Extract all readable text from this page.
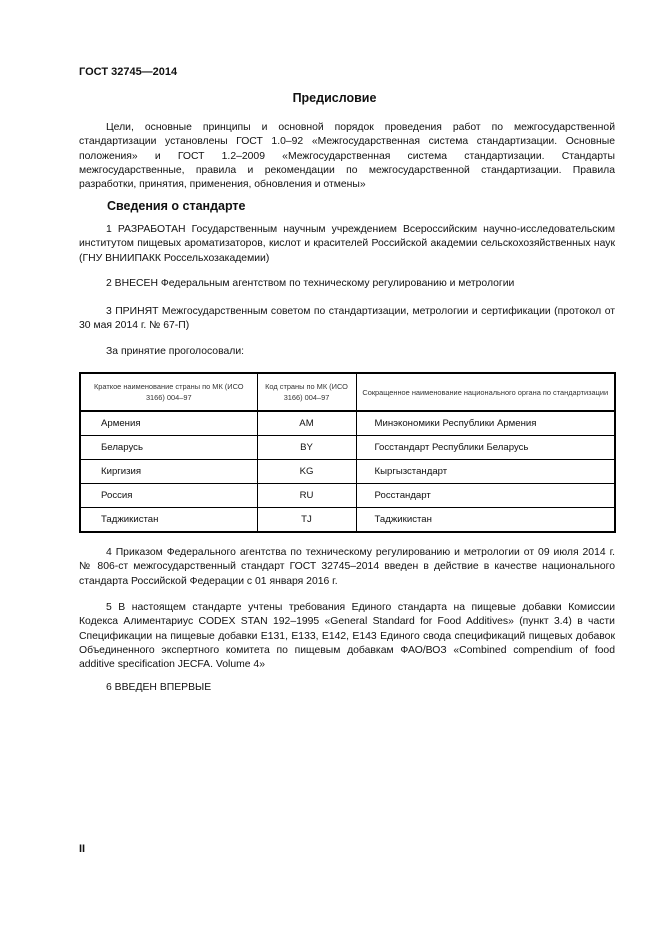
ГОСТ 32745—2014
Предисловие
Цели, основные принципы и основной порядок проведения работ по межгосударственной стандартизации установлены ГОСТ 1.0–92 «Межгосударственная система стандартизации. Основные положения» и ГОСТ 1.2–2009 «Межгосударственная система стандартизации. Стандарты межгосударственные, правила и рекомендации по межгосударственной стандартизации. Правила разработки, принятия, применения, обновления и отмены»
Сведения о стандарте
1 РАЗРАБОТАН Государственным научным учреждением Всероссийским научно-исследовательским институтом пищевых ароматизаторов, кислот и красителей Российской академии сельскохозяйственных наук (ГНУ ВНИИПАКК Россельхозакадемии)
2 ВНЕСЕН Федеральным агентством по техническому регулированию и метрологии
3 ПРИНЯТ Межгосударственным советом по стандартизации, метрологии и сертификации (протокол от 30 мая 2014 г. № 67-П)
За принятие проголосовали:
Краткое наименование страны по МК (ИСО 3166) 004–97	Код страны по МК (ИСО 3166) 004–97	Сокращенное наименование национального органа по стандартизации
Армения	AM	Минэкономики Республики Армения
Беларусь	BY	Госстандарт Республики Беларусь
Киргизия	KG	Кыргызстандарт
Россия	RU	Росстандарт
Таджикистан	TJ	Таджикистан
4 Приказом Федерального агентства по техническому регулированию и метрологии от 09 июля 2014 г. № 806-ст межгосударственный стандарт ГОСТ 32745–2014 введен в действие в качестве национального стандарта Российской Федерации с 01 января 2016 г.
5 В настоящем стандарте учтены требования Единого стандарта на пищевые добавки Комиссии Кодекса Алиментариус CODEX STAN 192–1995 «General Standard for Food Additives» (пункт 3.4) в части Спецификации на пищевые добавки Е131, Е133, Е142, Е143 Единого свода спецификаций пищевых добавок Объединенного экспертного комитета по пищевым добавкам ФАО/ВОЗ «Combined compendium of food additive specification JECFA. Volume 4»
6 ВВЕДЕН ВПЕРВЫЕ
II
